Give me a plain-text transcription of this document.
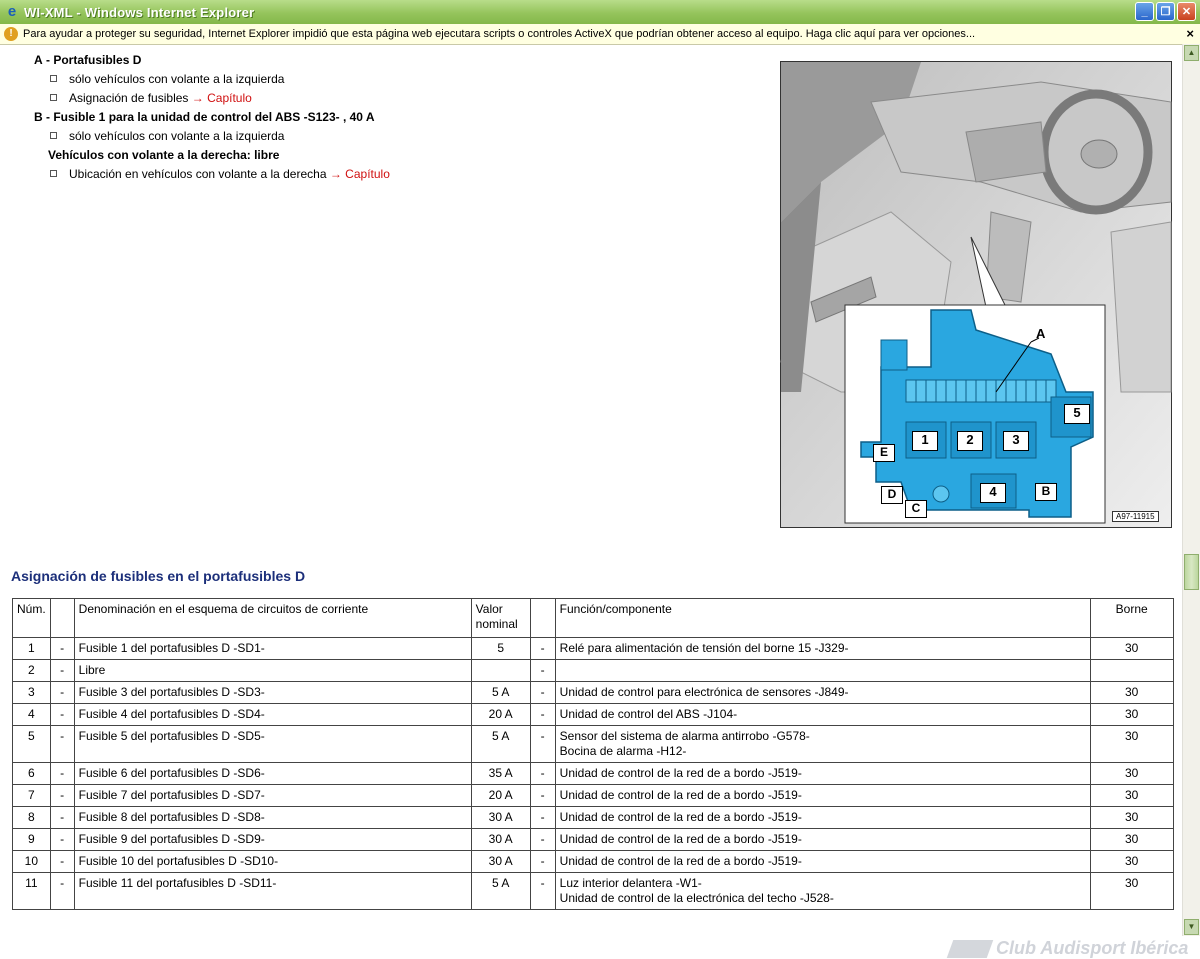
e WI-XML - Windows Internet Explorer	_	❐	✕
! Para ayudar a proteger su seguridad, Internet Explorer impidió que esta página web ejecutara scripts o controles ActiveX que podrían obtener acceso al equipo. Haga clic aquí para ver opciones...	×
A - Portafusibles D
sólo vehículos con volante a la izquierda
Asignación de fusibles
→ Capítulo
B - Fusible 1 para la unidad de control del ABS -S123- , 40 A
sólo vehículos con volante a la izquierda
Vehículos con volante a la derecha: libre
Ubicación en vehículos con volante a la derecha
→ Capítulo
A
1	2	3
4
5
E
D
C
B
A97-11915
Asignación de fusibles en el portafusibles D
Núm.		Denominación en el esquema de circuitos de corriente	Valor nominal		Función/componente	Borne
1	-	Fusible 1 del portafusibles D -SD1-	5	-	Relé para alimentación de tensión del borne 15 -J329-	30
2	-	Libre		-	

3	-	Fusible 3 del portafusibles D -SD3-	5 A	-	Unidad de control para electrónica de sensores -J849-	30
4	-	Fusible 4 del portafusibles D -SD4-	20 A	-	Unidad de control del ABS -J104-	30
5	-	Fusible 5 del portafusibles D -SD5-	5 A	-	Sensor del sistema de alarma antirrobo -G578-
Bocina de alarma -H12-	30
6	-	Fusible 6 del portafusibles D -SD6-	35 A	-	Unidad de control de la red de a bordo -J519-	30
7	-	Fusible 7 del portafusibles D -SD7-	20 A	-	Unidad de control de la red de a bordo -J519-	30
8	-	Fusible 8 del portafusibles D -SD8-	30 A	-	Unidad de control de la red de a bordo -J519-	30
9	-	Fusible 9 del portafusibles D -SD9-	30 A	-	Unidad de control de la red de a bordo -J519-	30
10	-	Fusible 10 del portafusibles D -SD10-	30 A	-	Unidad de control de la red de a bordo -J519-	30
11	-	Fusible 11 del portafusibles D -SD11-	5 A	-	Luz interior delantera -W1-
Unidad de control de la electrónica del techo -J528-	30
Club Audisport Ibérica
▲
▼
